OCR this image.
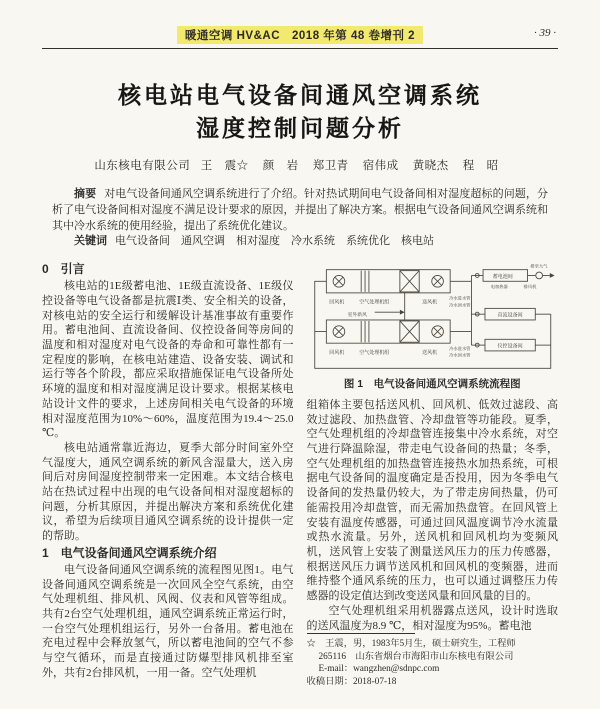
暖通空调 HV&AC　2018 年第 48 卷增刊 2	· 39 ·
核电站电气设备间通风空调系统
湿度控制问题分析
山东核电有限公司 王　震☆ 颜　岩 郑卫青 宿伟成 黄晓杰 程　昭

摘要 对电气设备间通风空调系统进行了介绍。针对热试期间电气设备间相对湿度超标的问题，分析了电气设备间相对湿度不满足设计要求的原因，并提出了解决方案。根据电气设备间通风空调系统和其中冷水系统的使用经验，提出了系统优化建议。

关键词 电气设备间　通风空调　相对湿度　冷水系统　系统优化　核电站

0　引言

核电站的1E级蓄电池、1E级直流设备、1E级仪控设备等电气设备都是抗震Ⅰ类、安全相关的设备，对核电站的安全运行和缓解设计基准事故有重要作用。蓄电池间、直流设备间、仪控设备间等房间的温度和相对湿度对电气设备的寿命和可靠性都有一定程度的影响，在核电站建造、设备安装、调试和运行等各个阶段，都应采取措施保证电气设备所处环境的温度和相对湿度满足设计要求。根据某核电站设计文件的要求，上述房间相关电气设备的环境相对湿度范围为10%～60%，温度范围为19.4～25.0 ℃。

核电站通常靠近海边，夏季大部分时间室外空气湿度大，通风空调系统的新风含湿量大，送入房间后对房间湿度控制带来一定困难。本文结合核电站在热试过程中出现的电气设备间相对湿度超标的问题，分析其原因，并提出解决方案和系统优化建议，希望为后续项目通风空调系统的设计提供一定的帮助。

1　电气设备间通风空调系统介绍

电气设备间通风空调系统的流程图见图1。电气设备间通风空调系统是一次回风全空气系统，由空气处理机组、排风机、风阀、仪表和风管等组成。共有2台空气处理机组，通风空调系统正常运行时，一台空气处理机组运行，另外一台备用。蓄电池在充电过程中会释放氢气，所以蓄电池间的空气不参与空气循环，而是直接通过防爆型排风机排至室外，共有2台排风机，一用一备。空气处理机

回风机	空气处理机组	送风机
冷水进水管
冷水回水管
室外新风
回风机	空气处理机组	送风机
冷水进水管
冷水回水管
蓄电池间
排至大气
电加热器	排风机
直流设备间
仪控设备间
图 1　电气设备间通风空调系统流程图

组箱体主要包括送风机、回风机、低效过滤段、高效过滤段、加热盘管、冷却盘管等功能段。夏季，空气处理机组的冷却盘管连接集中冷水系统，对空气进行降温除湿，带走电气设备间的热量；冬季，空气处理机组的加热盘管连接热水加热系统，可根据电气设备间的温度确定是否投用，因为冬季电气设备间的发热量仍较大，为了带走房间热量，仍可能需投用冷却盘管，而无需加热盘管。在回风管上安装有温度传感器，可通过回风温度调节冷水流量或热水流量。另外，送风机和回风机均为变频风机，送风管上安装了测量送风压力的压力传感器，根据送风压力调节送风机和回风机的变频器，进而维持整个通风系统的压力，也可以通过调整压力传感器的设定值达到改变送风量和回风量的目的。

空气处理机组采用机器露点送风，设计时选取的送风温度为8.9 ℃，相对湿度为95%。蓄电池

☆　 王震，男，1983年5月生，硕士研究生，工程师
265116　山东省烟台市海阳市山东核电有限公司
E-mail：wangzhen@sdnpc.com
收稿日期：2018-07-18
